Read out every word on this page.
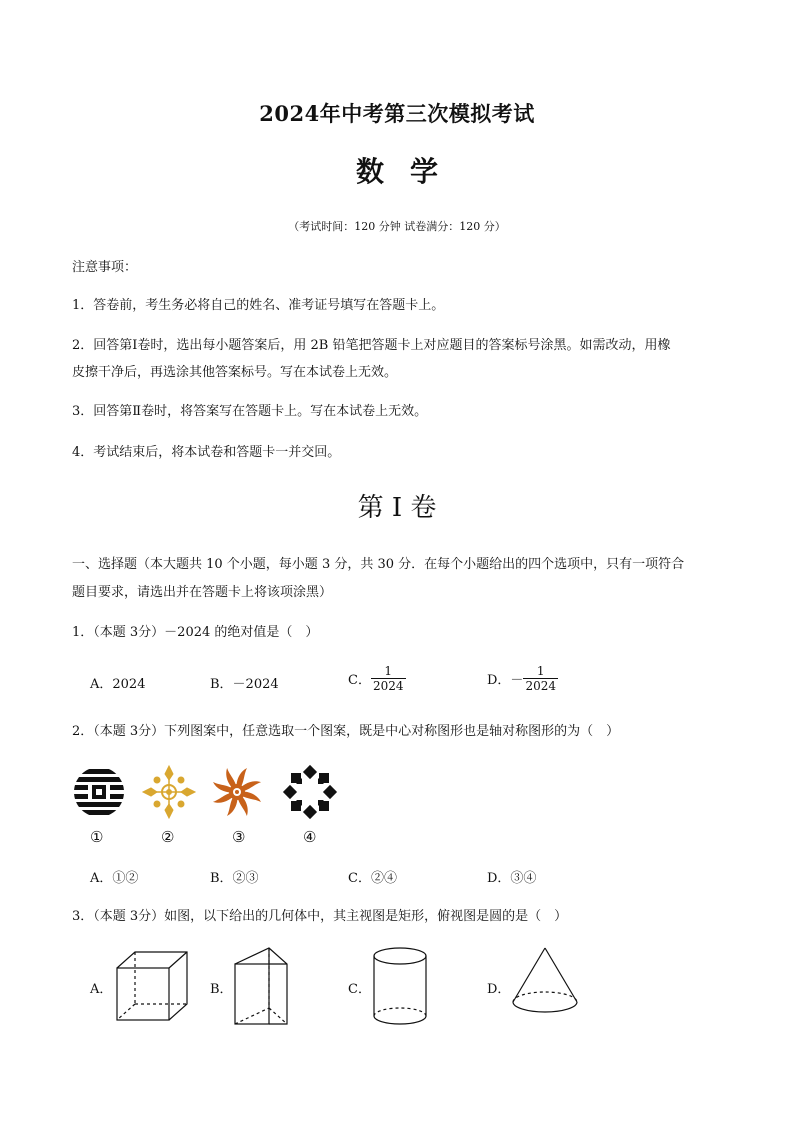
2024年中考第三次模拟考试
数学
（考试时间：120 分钟 试卷满分：120 分）
注意事项：
1．答卷前，考生务必将自己的姓名、准考证号填写在答题卡上。
2．回答第Ⅰ卷时，选出每小题答案后，用 2B 铅笔把答题卡上对应题目的答案标号涂黑。如需改动，用橡
皮擦干净后，再选涂其他答案标号。写在本试卷上无效。
3．回答第Ⅱ卷时，将答案写在答题卡上。写在本试卷上无效。
4．考试结束后，将本试卷和答题卡一并交回。
第 I 卷
一、选择题（本大题共 10 个小题，每小题 3 分，共 30 分．在每个小题给出的四个选项中，只有一项符合
题目要求，请选出并在答题卡上将该项涂黑）
1．（本题 3分）－2024 的绝对值是（　）
A．2024	B．－2024	C． $\frac{1}{2024}$	D．－ $\frac{1}{2024}$
2．（本题 3分）下列图案中，任意选取一个图案，既是中心对称图形也是轴对称图形的为（　）
①	②	③	④
A．①②	B．②③	C．②④	D．③④
3．（本题 3分）如图，以下给出的几何体中，其主视图是矩形，俯视图是圆的是（　）
A．	B．	C．	D．
